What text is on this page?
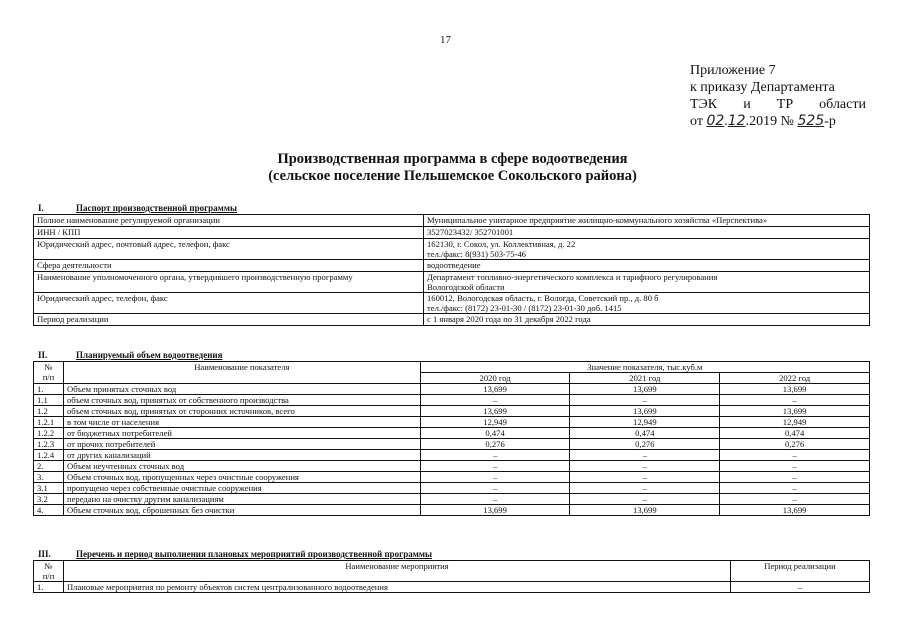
17
Приложение 7
к приказу Департамента
ТЭК и ТР области
от 02.12.2019 № 525-р
Производственная программа в сфере водоотведения
(сельское поселение Пельшемское Сокольского района)
I.	Паспорт производственной программы
Полное наименование регулируемой организации	Муниципальное унитарное предприятие жилищно-коммунального хозяйства «Перспектива»

ИНН / КПП	3527023432/ 352701001

Юридический адрес, почтовый адрес, телефон, факс	162130, г. Сокол, ул. Коллективная, д. 22
тел./факс: 8(931) 503-75-46

Сфера деятельности	водоотведение

Наименование уполномоченного органа, утвердившего производственную программу	Департамент топливно-энергетического комплекса и тарифного регулирования
Вологодской области

Юридический адрес, телефон, факс	160012, Вологодская область, г. Вологда, Советский пр., д. 80 б
тел./факс: (8172) 23-01-30 / (8172) 23-01-30 доб. 1415

Период реализации	с 1 января 2020 года по 31 декабря 2022 года
II.	Планируемый объем водоотведения
№
п/п	Наименование показателя	Значение показателя, тыс.куб.м		
		2020 год	2021 год	2022 год
1.	Объем принятых сточных вод	13,699	13,699	13,699
1.1	объем сточных вод, принятых от собственного производства	–	–	–
1.2	объем сточных вод, принятых от сторонних источников, всего	13,699	13,699	13,699
1.2.1	в том числе от населения	12,949	12,949	12,949
1.2.2	от бюджетных потребителей	0,474	0,474	0,474
1.2.3	от прочих потребителей	0,276	0,276	0,276
1.2.4	от других канализаций	–	–	–
2.	Объем неучтенных сточных вод	–	–	–
3.	Объем сточных вод, пропущенных через очистные сооружения	–	–	–
3.1	пропущено через собственные очистные сооружения	–	–	–
3.2	передано на очистку другим канализациям	–	–	–
4.	Объем сточных вод, сброшенных без очистки	13,699	13,699	13,699
III.	Перечень и период выполнения плановых мероприятий производственной программы
№
п/п	Наименование мероприятия	Период реализации
1.	Плановые мероприятия по ремонту объектов систем централизованного водоотведения	–
